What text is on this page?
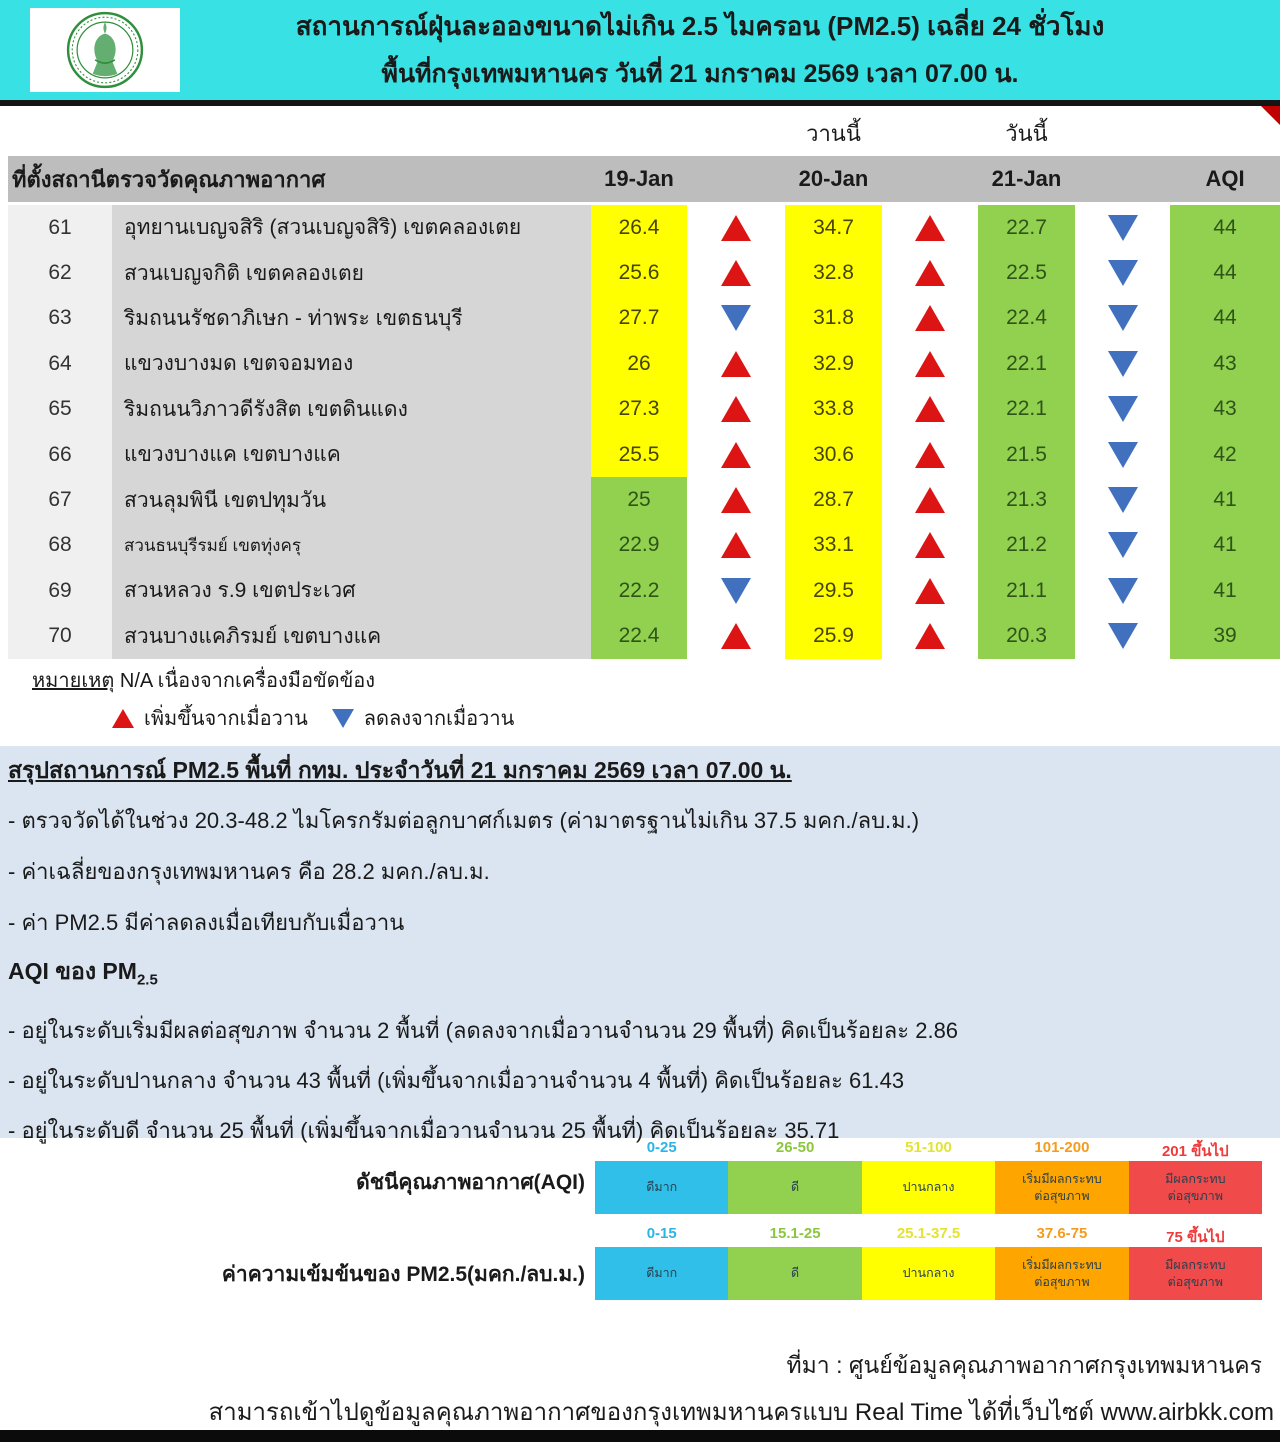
สถานการณ์ฝุ่นละอองขนาดไม่เกิน 2.5 ไมครอน (PM2.5) เฉลี่ย 24 ชั่วโมง
พื้นที่กรุงเทพมหานคร วันที่ 21 มกราคม 2569 เวลา 07.00 น.
วานนี้	วันนี้
ที่ตั้งสถานีตรวจวัดคุณภาพอากาศ	19-Jan	20-Jan	21-Jan	AQI
61	อุทยานเบญจสิริ (สวนเบญจสิริ) เขตคลองเตย	26.4	34.7	22.7	44
62	สวนเบญจกิติ เขตคลองเตย	25.6	32.8	22.5	44
63	ริมถนนรัชดาภิเษก - ท่าพระ เขตธนบุรี	27.7	31.8	22.4	44
64	แขวงบางมด เขตจอมทอง	26	32.9	22.1	43
65	ริมถนนวิภาวดีรังสิต เขตดินแดง	27.3	33.8	22.1	43
66	แขวงบางแค เขตบางแค	25.5	30.6	21.5	42
67	สวนลุมพินี เขตปทุมวัน	25	28.7	21.3	41
68	สวนธนบุรีรมย์ เขตทุ่งครุ	22.9	33.1	21.2	41
69	สวนหลวง ร.9 เขตประเวศ	22.2	29.5	21.1	41
70	สวนบางแคภิรมย์ เขตบางแค	22.4	25.9	20.3	39
หมายเหตุ N/A เนื่องจากเครื่องมือขัดข้อง
เพิ่มขึ้นจากเมื่อวาน	ลดลงจากเมื่อวาน
สรุปสถานการณ์ PM2.5 พื้นที่ กทม. ประจำวันที่ 21 มกราคม 2569 เวลา 07.00 น.
- ตรวจวัดได้ในช่วง 20.3-48.2 ไมโครกรัมต่อลูกบาศก์เมตร (ค่ามาตรฐานไม่เกิน 37.5 มคก./ลบ.ม.)
- ค่าเฉลี่ยของกรุงเทพมหานคร คือ 28.2 มคก./ลบ.ม.
- ค่า PM2.5 มีค่าลดลงเมื่อเทียบกับเมื่อวาน
AQI ของ $PM_{2.5}$
- อยู่ในระดับเริ่มมีผลต่อสุขภาพ จำนวน 2 พื้นที่ (ลดลงจากเมื่อวานจำนวน 29 พื้นที่) คิดเป็นร้อยละ 2.86
- อยู่ในระดับปานกลาง จำนวน 43 พื้นที่ (เพิ่มขึ้นจากเมื่อวานจำนวน 4 พื้นที่) คิดเป็นร้อยละ 61.43
- อยู่ในระดับดี จำนวน 25 พื้นที่ (เพิ่มขึ้นจากเมื่อวานจำนวน 25 พื้นที่) คิดเป็นร้อยละ 35.71
ดัชนีคุณภาพอากาศ(AQI)
0-25	26-50	51-100	101-200	201 ขึ้นไป
ดีมาก	ดี	ปานกลาง
เริ่มมีผลกระทบ
ต่อสุขภาพ
มีผลกระทบ
ต่อสุขภาพ
ค่าความเข้มข้นของ PM2.5(มคก./ลบ.ม.)
0-15	15.1-25	25.1-37.5	37.6-75	75 ขึ้นไป
ดีมาก	ดี	ปานกลาง
เริ่มมีผลกระทบ
ต่อสุขภาพ
มีผลกระทบ
ต่อสุขภาพ
ที่มา : ศูนย์ข้อมูลคุณภาพอากาศกรุงเทพมหานคร
สามารถเข้าไปดูข้อมูลคุณภาพอากาศของกรุงเทพมหานครแบบ Real Time ได้ที่เว็บไซต์ www.airbkk.com
